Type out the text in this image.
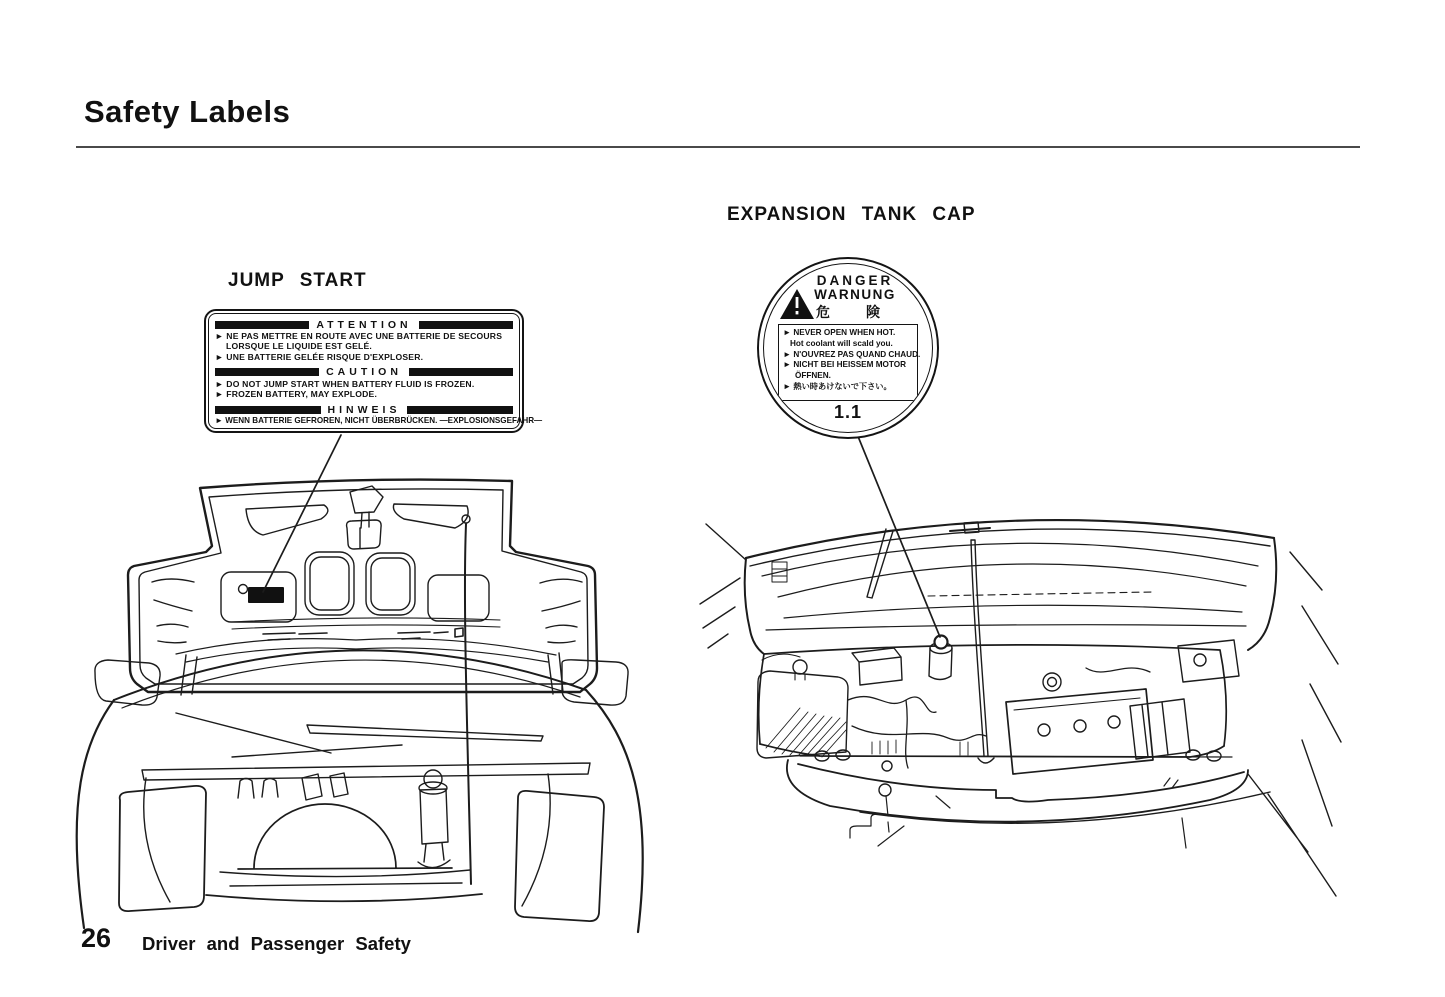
Safety Labels
JUMP START
EXPANSION TANK CAP
ATTENTION
► NE PAS METTRE EN ROUTE AVEC UNE BATTERIE DE SECOURS
LORSQUE LE LIQUIDE EST GELÉ.
► UNE BATTERIE GELÉE RISQUE D'EXPLOSER.
CAUTION
► DO NOT JUMP START WHEN BATTERY FLUID IS FROZEN.
► FROZEN BATTERY, MAY EXPLODE.
HINWEIS
► WENN BATTERIE GEFROREN, NICHT ÜBERBRÜCKEN. —EXPLOSIONSGEFAHR—
DANGER
WARNUNG
危険
► NEVER OPEN WHEN HOT.
Hot coolant will scald you.
► N'OUVREZ PAS QUAND CHAUD.
► NICHT BEI HEISSEM MOTOR
ÖFFNEN.
► 熱い時あけないで下さい。
1.1
26 Driver and Passenger Safety
